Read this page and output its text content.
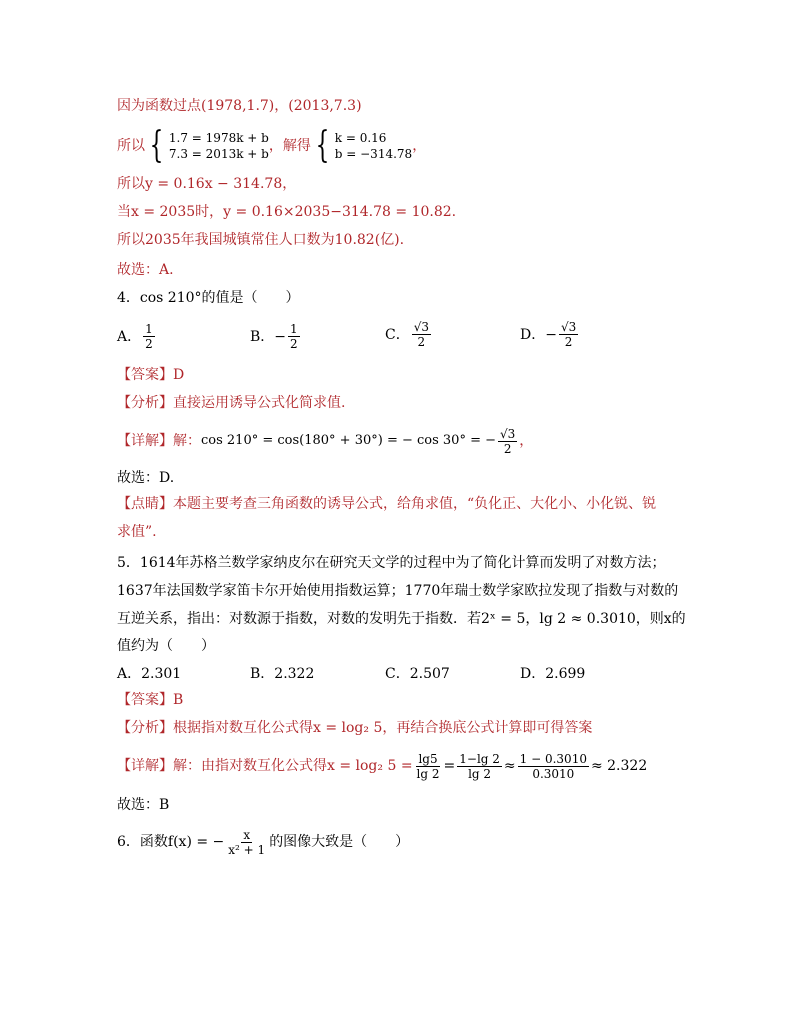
因为函数过点(1978,1.7)，(2013,7.3)
所以 { 1.7 = 1978k + b
7.3 = 2013k + b ，解得 { k = 0.16
b = −314.78 ，
所以y = 0.16x − 314.78，
当x = 2035时，y = 0.16×2035−314.78 = 10.82.
所以2035年我国城镇常住人口数为10.82(亿).
故选：A.
4．cos 210°的值是（　　）
A． $\frac{1}{2}$	B．− $\frac{1}{2}$	C． $\frac{√3}{2}$	D．− $\frac{√3}{2}$
【答案】D
【分析】直接运用诱导公式化简求值.
【详解】 解： cos 210° = cos(180° + 30°) = − cos 30° = − $\frac{√3}{2}$ ，
故选：D.
【点睛】本题主要考查三角函数的诱导公式，给角求值，“负化正、大化小、小化锐、锐
求值”.
5．1614年苏格兰数学家纳皮尔在研究天文学的过程中为了简化计算而发明了对数方法；
1637年法国数学家笛卡尔开始使用指数运算；1770年瑞士数学家欧拉发现了指数与对数的
互逆关系，指出：对数源于指数，对数的发明先于指数．若2ˣ = 5，lg 2 ≈ 0.3010，则x的
值约为（　　）
A．2.301	B．2.322	C．2.507	D．2.699
【答案】B
【分析】根据指对数互化公式得x = log₂ 5，再结合换底公式计算即可得答案
【详解】 解：由指对数互化公式得x = log₂ $5 = \frac{\lg 5}{\lg 2} = \frac{1-\lg 2}{\lg 2} \approx \frac{1 - 0.3010}{0.3010} \approx 2.322$
故选：B
6．函数f(x) = − $\frac{x}{\text{x² + 1}}$ 的图像大致是（　　）
